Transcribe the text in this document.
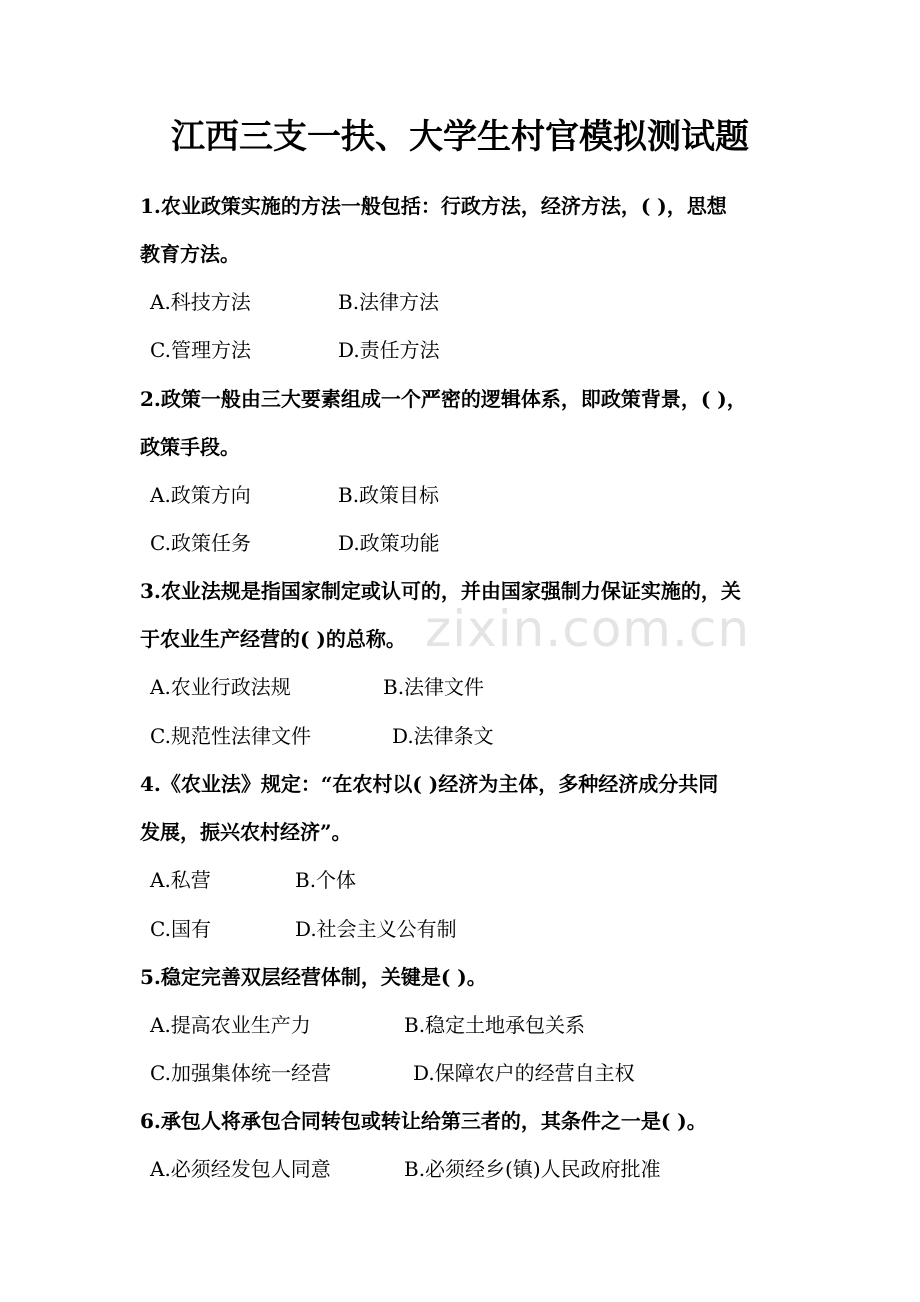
江西三支一扶、大学生村官模拟测试题
1.农业政策实施的方法一般包括：行政方法，经济方法，( )，思想
教育方法。
A.科技方法	B.法律方法
C.管理方法	D.责任方法
2.政策一般由三大要素组成一个严密的逻辑体系，即政策背景，( )，
政策手段。
A.政策方向	B.政策目标
C.政策任务	D.政策功能
3.农业法规是指国家制定或认可的，并由国家强制力保证实施的，关
于农业生产经营的( )的总称。
A.农业行政法规	B.法律文件
C.规范性法律文件	D.法律条文
4.《农业法》规定：“在农村以( )经济为主体，多种经济成分共同
发展，振兴农村经济”。
A.私营	B.个体
C.国有	D.社会主义公有制
5.稳定完善双层经营体制，关键是( )。
A.提高农业生产力	B.稳定土地承包关系
C.加强集体统一经营	D.保障农户的经营自主权
6.承包人将承包合同转包或转让给第三者的，其条件之一是( )。
A.必须经发包人同意	B.必须经乡(镇)人民政府批准
zixin.com.cn
